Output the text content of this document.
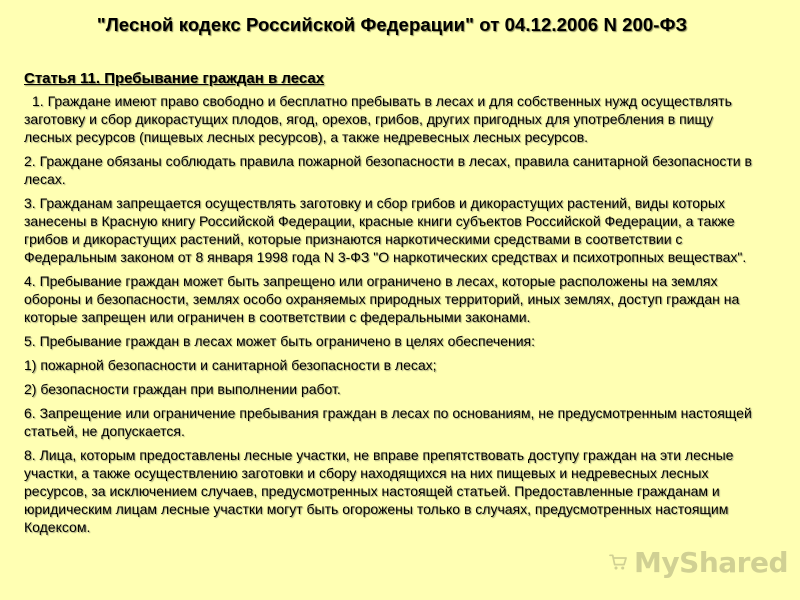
"Лесной кодекс Российской Федерации" от 04.12.2006 N 200-ФЗ
Статья 11. Пребывание граждан в лесах

1. Граждане имеют право свободно и бесплатно пребывать в лесах и для собственных нужд осуществлять заготовку и сбор дикорастущих плодов, ягод, орехов, грибов, других пригодных для употребления в пищу лесных ресурсов (пищевых лесных ресурсов), а также недревесных лесных ресурсов.

2. Граждане обязаны соблюдать правила пожарной безопасности в лесах, правила санитарной безопасности в лесах.

3. Гражданам запрещается осуществлять заготовку и сбор грибов и дикорастущих растений, виды которых занесены в Красную книгу Российской Федерации, красные книги субъектов Российской Федерации, а также грибов и дикорастущих растений, которые признаются наркотическими средствами в соответствии с Федеральным законом от 8 января 1998 года N 3-ФЗ "О наркотических средствах и психотропных веществах".

4. Пребывание граждан может быть запрещено или ограничено в лесах, которые расположены на землях обороны и безопасности, землях особо охраняемых природных территорий, иных землях, доступ граждан на которые запрещен или ограничен в соответствии с федеральными законами.

5. Пребывание граждан в лесах может быть ограничено в целях обеспечения:

1) пожарной безопасности и санитарной безопасности в лесах;

2) безопасности граждан при выполнении работ.

6. Запрещение или ограничение пребывания граждан в лесах по основаниям, не предусмотренным настоящей статьей, не допускается.

8. Лица, которым предоставлены лесные участки, не вправе препятствовать доступу граждан на эти лесные участки, а также осуществлению заготовки и сбору находящихся на них пищевых и недревесных лесных ресурсов, за исключением случаев, предусмотренных настоящей статьей. Предоставленные гражданам и юридическим лицам лесные участки могут быть огорожены только в случаях, предусмотренных настоящим Кодексом.

MyShared
